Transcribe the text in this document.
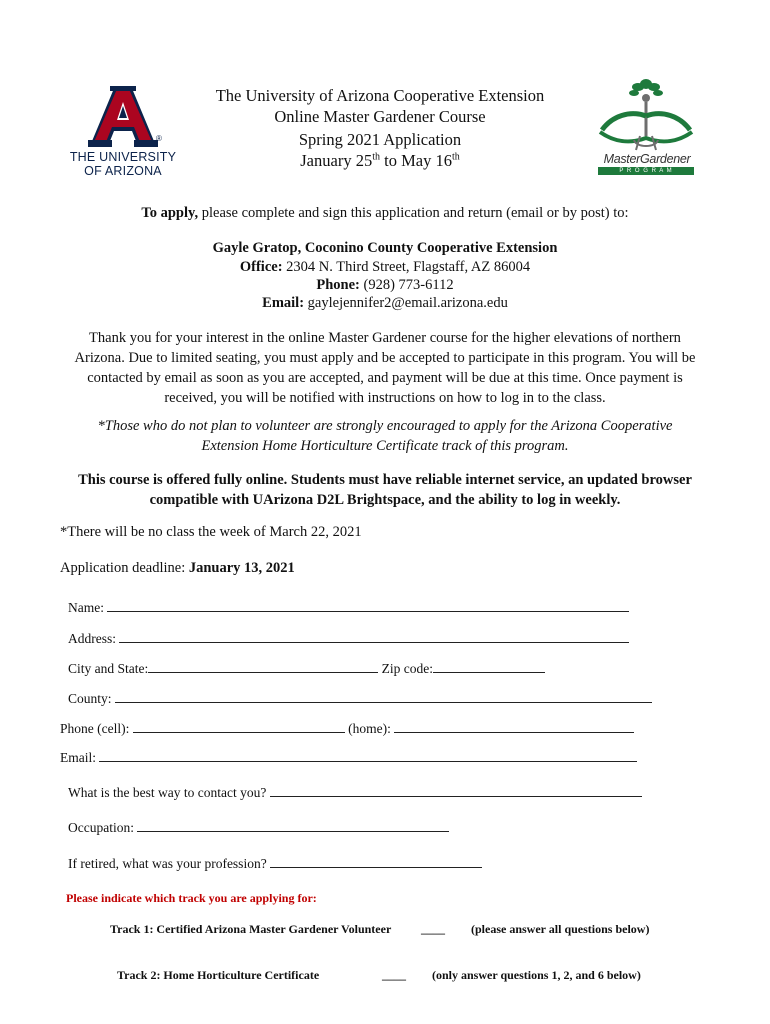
®
THE UNIVERSITY
OF ARIZONA
MasterGardener
P R O G R A M
The University of Arizona Cooperative Extension
Online Master Gardener Course
Spring 2021 Application
January 25th to May 16th
To apply, please complete and sign this application and return (email or by post) to:
Gayle Gratop, Coconino County Cooperative Extension
Office: 2304 N. Third Street, Flagstaff, AZ 86004
Phone: (928) 773-6112
Email: gaylejennifer2@email.arizona.edu
Thank you for your interest in the online Master Gardener course for the higher elevations of northern
Arizona. Due to limited seating, you must apply and be accepted to participate in this program. You will be
contacted by email as soon as you are accepted, and payment will be due at this time. Once payment is
received, you will be notified with instructions on how to log in to the class.
*Those who do not plan to volunteer are strongly encouraged to apply for the Arizona Cooperative
Extension Home Horticulture Certificate track of this program.
This course is offered fully online. Students must have reliable internet service, an updated browser
compatible with UArizona D2L Brightspace, and the ability to log in weekly.
*There will be no class the week of March 22, 2021
Application deadline: January 13, 2021
Name:
Address:
City and State:	Zip code:
County:
Phone (cell):	(home):
Email:
What is the best way to contact you?
Occupation:
If retired, what was your profession?
Please indicate which track you are applying for:
Track 1: Certified Arizona Master Gardener Volunteer ____ (please answer all questions below)
Track 2: Home Horticulture Certificate	____ (only answer questions 1, 2, and 6 below)
